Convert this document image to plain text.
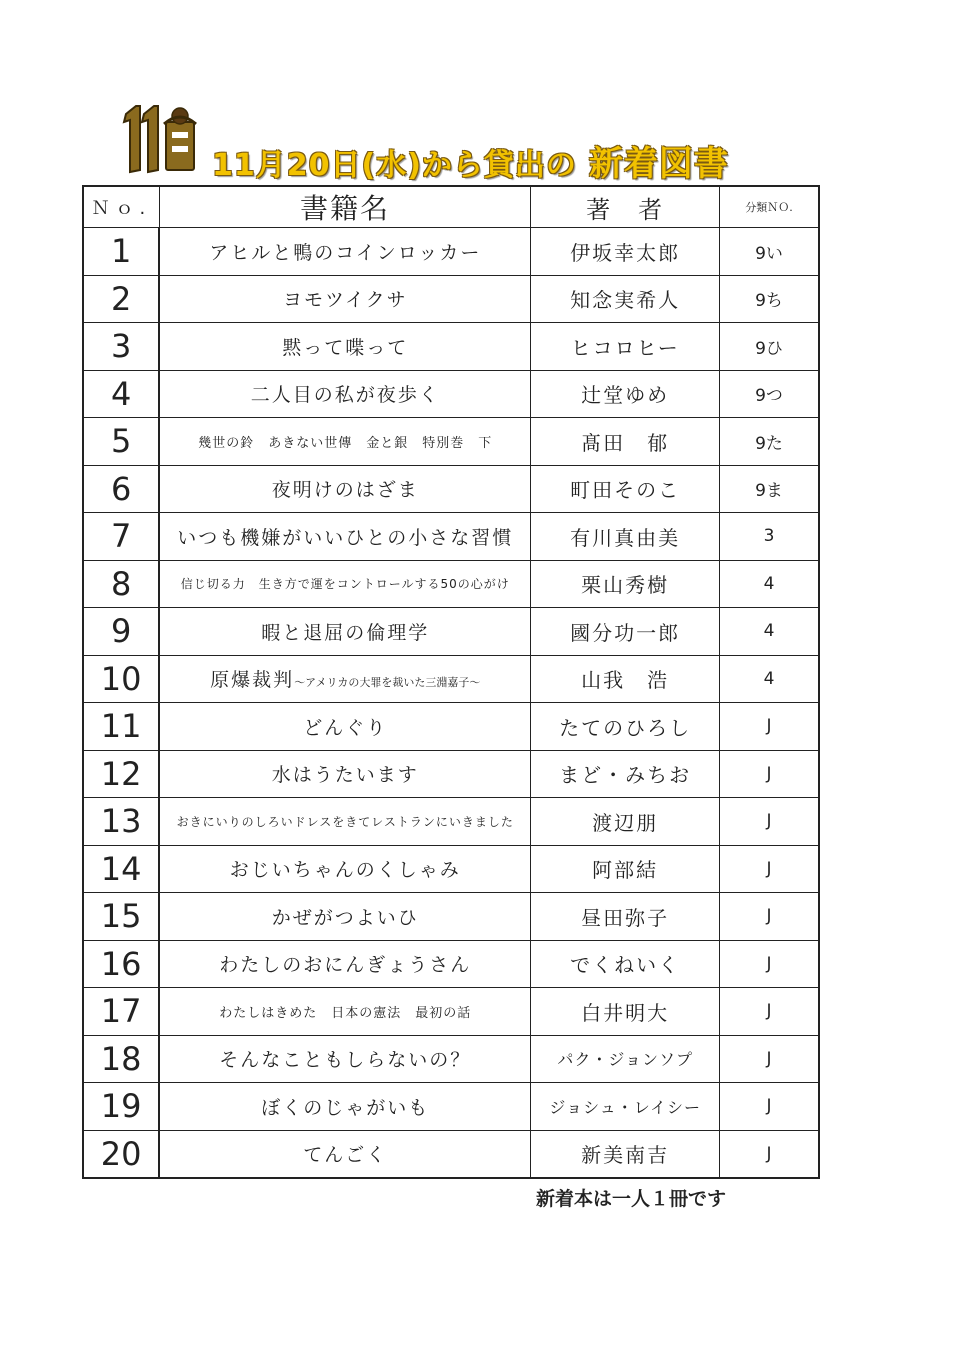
11月20日(水)から貸出の 新着図書
Ｎｏ.	書籍名	著　者	分類ＮＯ.
1	アヒルと鴨のコインロッカー	伊坂幸太郎	9い
2	ヨモツイクサ	知念実希人	9ち
3	黙って喋って	ヒコロヒー	9ひ
4	二人目の私が夜歩く	辻堂ゆめ	9つ
5	幾世の鈴　あきない世傳　金と銀　特別巻　下	髙田　郁	9た
6	夜明けのはざま	町田そのこ	9ま
7	いつも機嫌がいいひとの小さな習慣	有川真由美	3
8	信じ切る力　生き方で運をコントロールする50の心がけ	栗山秀樹	4
9	暇と退屈の倫理学	國分功一郎	4
10	原爆裁判～アメリカの大罪を裁いた三淵嘉子～	山我　浩	4
11	どんぐり	たてのひろし	J
12	水はうたいます	まど・みちお	J
13	おきにいりのしろいドレスをきてレストランにいきました	渡辺朋	J
14	おじいちゃんのくしゃみ	阿部結	J
15	かぜがつよいひ	昼田弥子	J
16	わたしのおにんぎょうさん	でくねいく	J
17	わたしはきめた　日本の憲法　最初の話	白井明大	J
18	そんなこともしらないの？	パク・ジョンソプ	J
19	ぼくのじゃがいも	ジョシュ・レイシー	J
20	てんごく	新美南吉	J
新着本は一人１冊です
